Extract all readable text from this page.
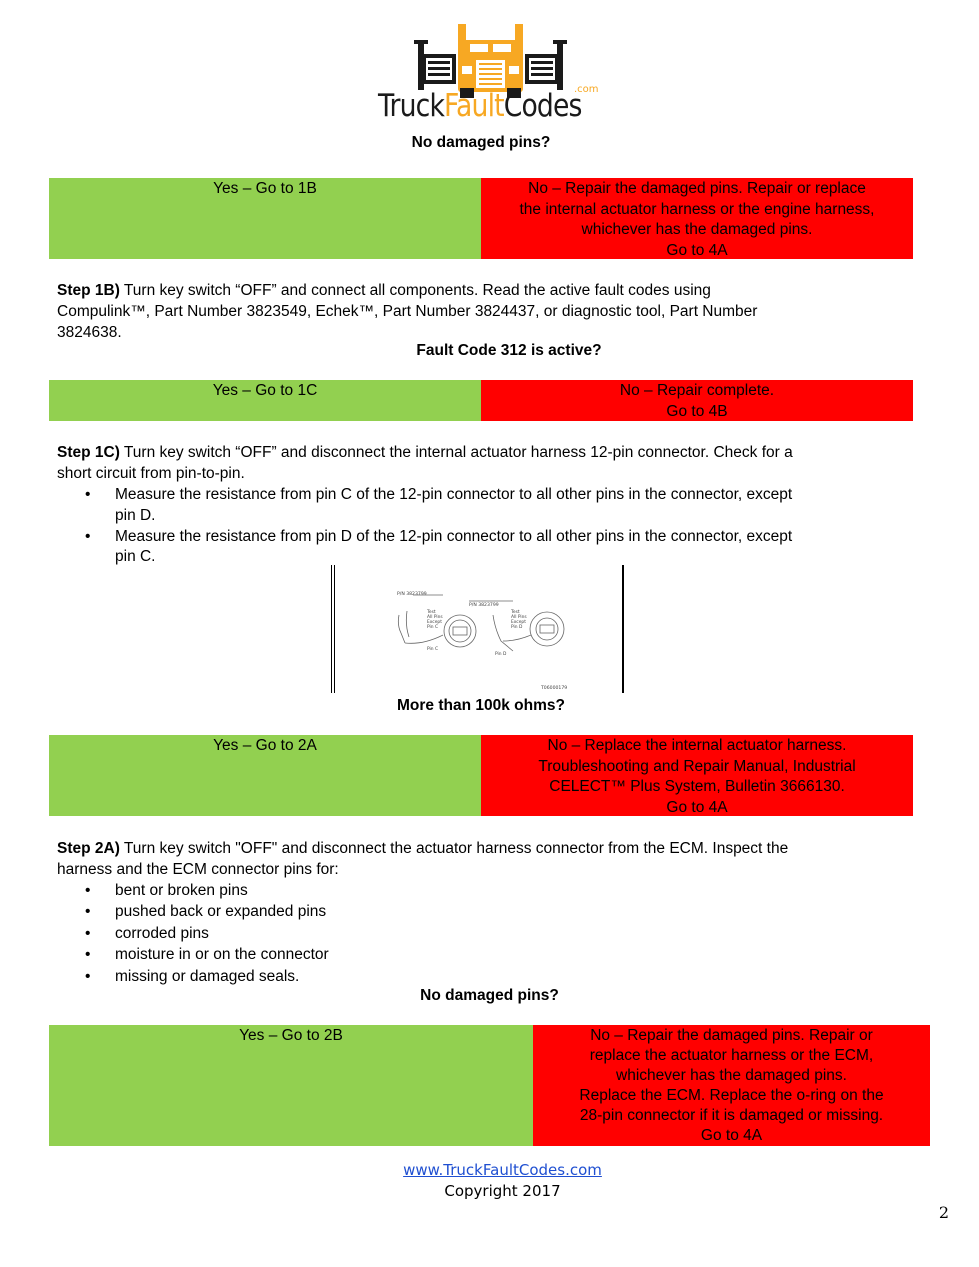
TruckFaultCodes
.com
No damaged pins?
Yes – Go to 1B	No – Repair the damaged pins. Repair or replace
the internal actuator harness or the engine harness,
whichever has the damaged pins.
Go to 4A
Step 1B) Turn key switch “OFF” and connect all components. Read the active fault codes using
Compulink™, Part Number 3823549, Echek™, Part Number 3824437, or diagnostic tool, Part Number
3824638.
Fault Code 312 is active?
Yes – Go to 1C	No – Repair complete.
Go to 4B
Step 1C) Turn key switch “OFF” and disconnect the internal actuator harness 12-pin connector. Check for a
short circuit from pin-to-pin.
• Measure the resistance from pin C of the 12-pin connector to all other pins in the connector, except
pin D.
• Measure the resistance from pin D of the 12-pin connector to all other pins in the connector, except
pin C.
P/N 3823799
P/N 3823799
Test All Pins Except Pin C
Test All Pins Except Pin D
Pin C
Pin D
T06000179
More than 100k ohms?
Yes – Go to 2A	No – Replace the internal actuator harness.
Troubleshooting and Repair Manual, Industrial
CELECT™ Plus System, Bulletin 3666130.
Go to 4A
Step 2A) Turn key switch "OFF" and disconnect the actuator harness connector from the ECM. Inspect the
harness and the ECM connector pins for:
• bent or broken pins
• pushed back or expanded pins
• corroded pins
• moisture in or on the connector
• missing or damaged seals.
No damaged pins?
Yes – Go to 2B	No – Repair the damaged pins. Repair or
replace the actuator harness or the ECM,
whichever has the damaged pins.
Replace the ECM. Replace the o-ring on the
28-pin connector if it is damaged or missing.
Go to 4A
www.TruckFaultCodes.com
Copyright 2017
2
